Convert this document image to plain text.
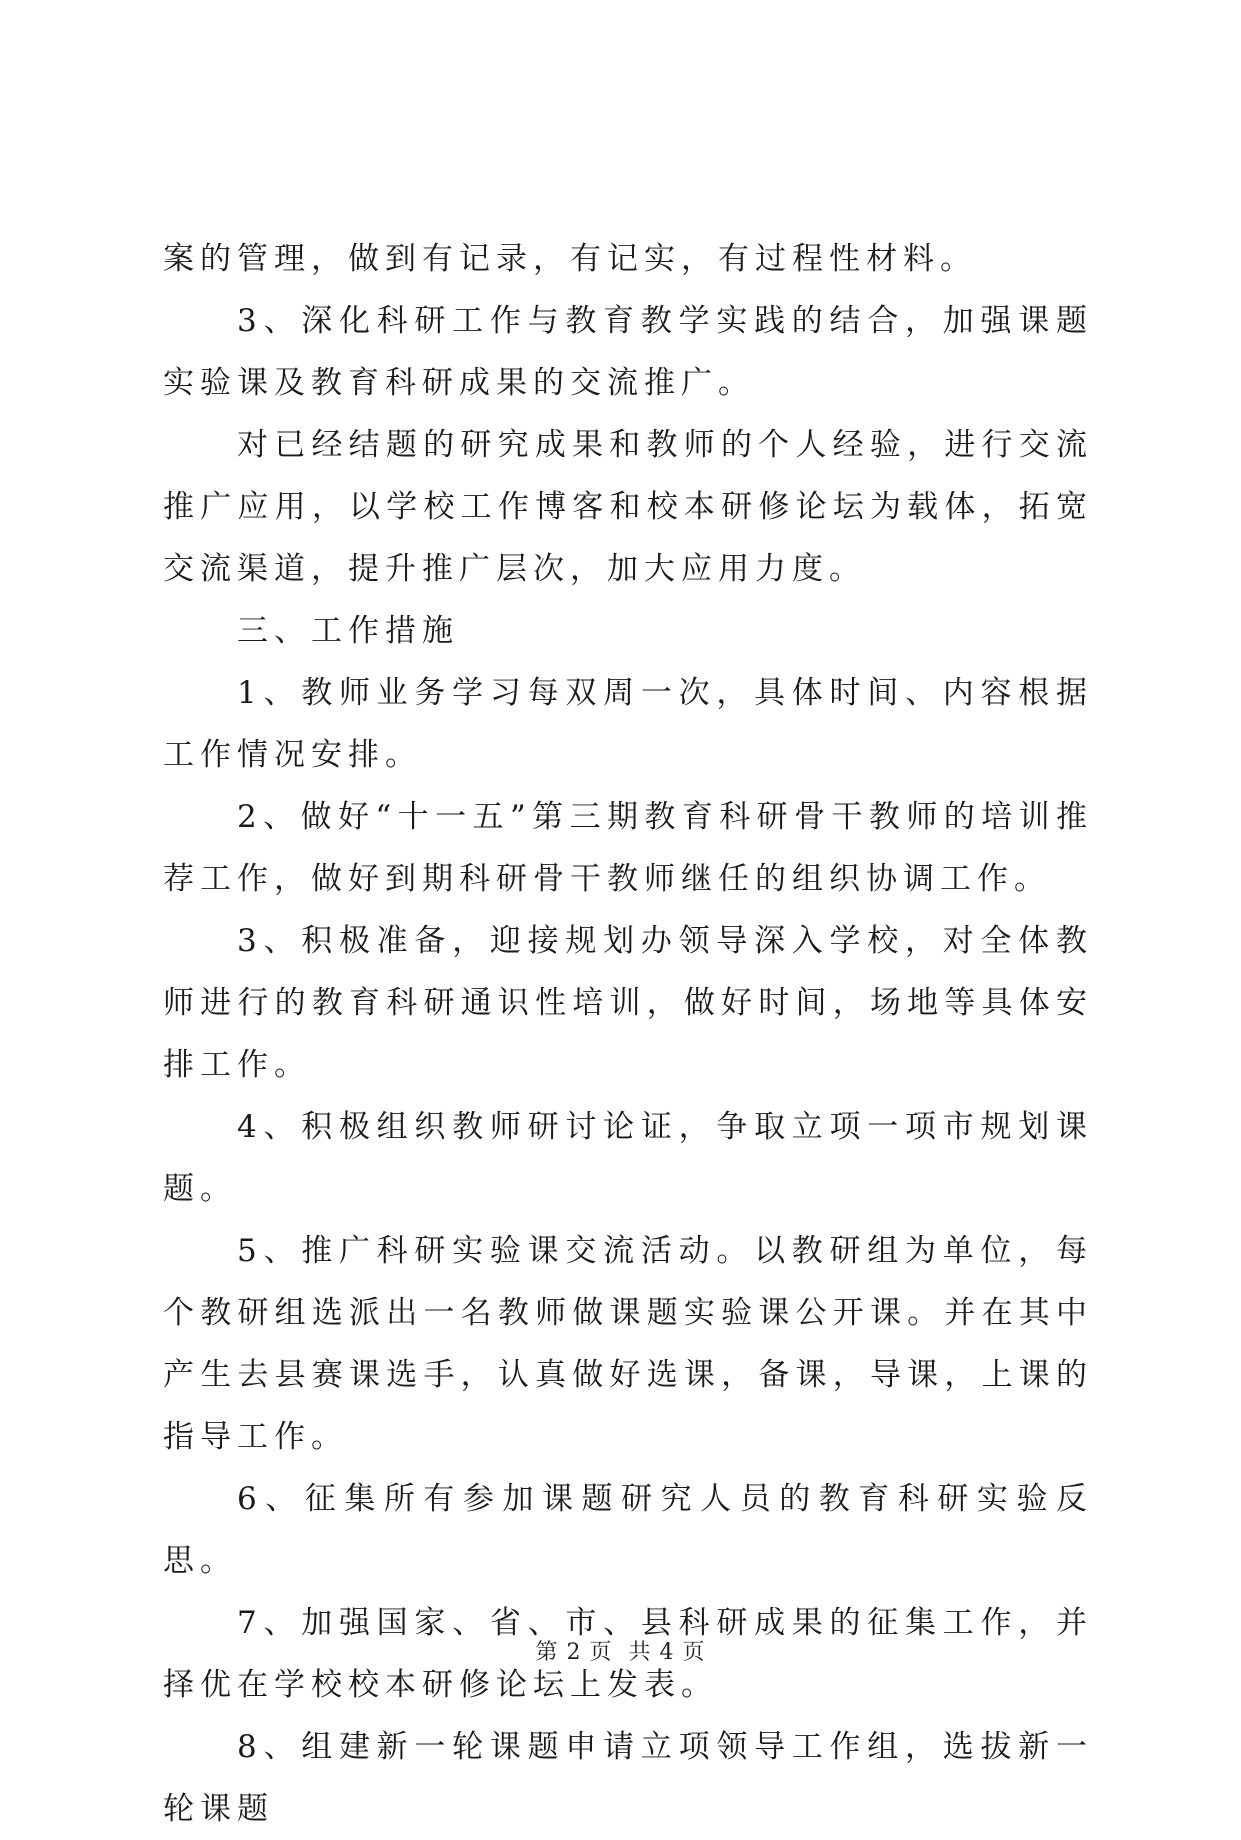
案的管理，做到有记录，有记实，有过程性材料。

3、深化科研工作与教育教学实践的结合，加强课题实验课及教育科研成果的交流推广。

对已经结题的研究成果和教师的个人经验，进行交流推广应用，以学校工作博客和校本研修论坛为载体，拓宽交流渠道，提升推广层次，加大应用力度。

三、工作措施

1、教师业务学习每双周一次，具体时间、内容根据工作情况安排。

2、做好“十一五”第三期教育科研骨干教师的培训推荐工作，做好到期科研骨干教师继任的组织协调工作。

3、积极准备，迎接规划办领导深入学校，对全体教师进行的教育科研通识性培训，做好时间，场地等具体安排工作。

4、积极组织教师研讨论证，争取立项一项市规划课题。

5、推广科研实验课交流活动。以教研组为单位，每个教研组选派出一名教师做课题实验课公开课。并在其中产生去县赛课选手，认真做好选课，备课，导课，上课的指导工作。

6、征集所有参加课题研究人员的教育科研实验反思。

7、加强国家、省、市、县科研成果的征集工作，并择优在学校校本研修论坛上发表。

8、组建新一轮课题申请立项领导工作组，选拔新一轮课题

第 2 页  共 4 页
